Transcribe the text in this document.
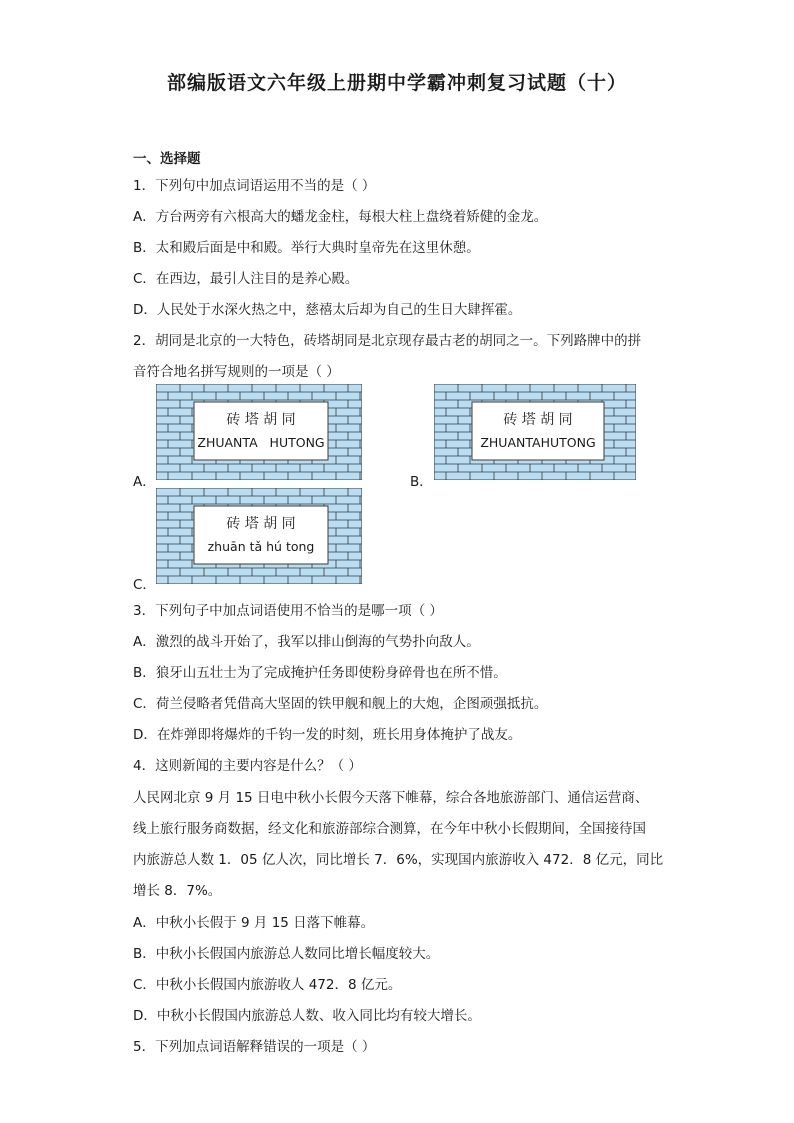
部编版语文六年级上册期中学霸冲刺复习试题（十）
一、选择题
1．下列句中加点词语运用不当的是（ ）
A．方台两旁有六根高大的蟠龙金柱，每根大柱上盘绕着矫健的金龙。
B．太和殿后面是中和殿。举行大典时皇帝先在这里休憩。
C．在西边，最引人注目的是养心殿。
D．人民处于水深火热之中，慈禧太后却为自己的生日大肆挥霍。
2．胡同是北京的一大特色，砖塔胡同是北京现存最古老的胡同之一。下列路牌中的拼
音符合地名拼写规则的一项是（ ）
A．
砖 塔 胡 同
ZHUANTA   HUTONG
B．
砖 塔 胡 同
ZHUANTAHUTONG
C．
砖 塔 胡 同
zhuān tǎ hú tong
3．下列句子中加点词语使用不恰当的是哪一项（ ）
A．激烈的战斗开始了，我军以排山倒海的气势扑向敌人。
B．狼牙山五壮士为了完成掩护任务即使粉身碎骨也在所不惜。
C．荷兰侵略者凭借高大坚固的铁甲舰和舰上的大炮，企图顽强抵抗。
D．在炸弹即将爆炸的千钧一发的时刻，班长用身体掩护了战友。
4．这则新闻的主要内容是什么？（ ）
人民网北京 9 月 15 日电中秋小长假今天落下帷幕，综合各地旅游部门、通信运营商、
线上旅行服务商数据，经文化和旅游部综合测算，在今年中秋小长假期间，全国接待国
内旅游总人数 1．05 亿人次，同比增长 7．6%，实现国内旅游收入 472．8 亿元，同比
增长 8．7%。
A．中秋小长假于 9 月 15 日落下帷幕。
B．中秋小长假国内旅游总人数同比增长幅度较大。
C．中秋小长假国内旅游收人 472．8 亿元。
D．中秋小长假国内旅游总人数、收入同比均有较大增长。
5．下列加点词语解释错误的一项是（ ）
